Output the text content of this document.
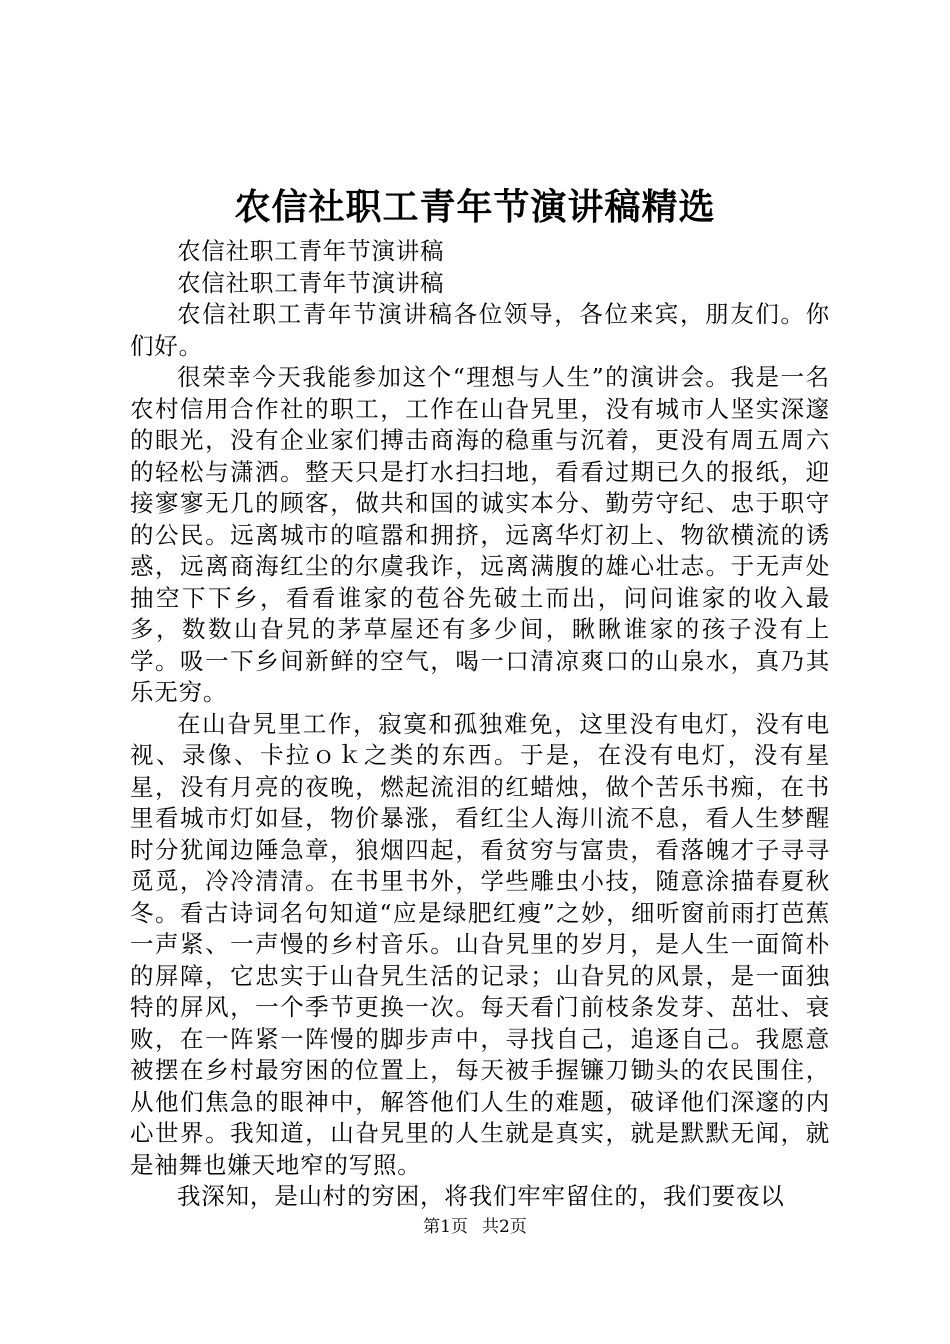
农信社职工青年节演讲稿精选

农信社职工青年节演讲稿

农信社职工青年节演讲稿

农信社职工青年节演讲稿各位领导，各位来宾，朋友们。你们好。

很荣幸今天我能参加这个“理想与人生”的演讲会。我是一名农村信用合作社的职工，工作在山旮旯里，没有城市人坚实深邃的眼光，没有企业家们搏击商海的稳重与沉着，更没有周五周六的轻松与潇洒。整天只是打水扫扫地，看看过期已久的报纸，迎接寥寥无几的顾客，做共和国的诚实本分、勤劳守纪、忠于职守的公民。远离城市的喧嚣和拥挤，远离华灯初上、物欲横流的诱惑，远离商海红尘的尔虞我诈，远离满腹的雄心壮志。于无声处抽空下下乡，看看谁家的苞谷先破土而出，问问谁家的收入最多，数数山旮旯的茅草屋还有多少间，瞅瞅谁家的孩子没有上学。吸一下乡间新鲜的空气，喝一口清凉爽口的山泉水，真乃其乐无穷。

在山旮旯里工作，寂寞和孤独难免，这里没有电灯，没有电视、录像、卡拉ｏｋ之类的东西。于是，在没有电灯，没有星星，没有月亮的夜晚，燃起流泪的红蜡烛，做个苦乐书痴，在书里看城市灯如昼，物价暴涨，看红尘人海川流不息，看人生梦醒时分犹闻边陲急章，狼烟四起，看贫穷与富贵，看落魄才子寻寻觅觅，冷冷清清。在书里书外，学些雕虫小技，随意涂描春夏秋冬。看古诗词名句知道“应是绿肥红瘦”之妙，细听窗前雨打芭蕉一声紧、一声慢的乡村音乐。山旮旯里的岁月，是人生一面简朴的屏障，它忠实于山旮旯生活的记录；山旮旯的风景，是一面独特的屏风，一个季节更换一次。每天看门前枝条发芽、茁壮、衰败，在一阵紧一阵慢的脚步声中，寻找自己，追逐自己。我愿意被摆在乡村最穷困的位置上，每天被手握镰刀锄头的农民围住，从他们焦急的眼神中，解答他们人生的难题，破译他们深邃的内心世界。我知道，山旮旯里的人生就是真实，就是默默无闻，就是袖舞也嫌天地窄的写照。

我深知，是山村的穷困，将我们牢牢留住的，我们要夜以

第1页 共2页
